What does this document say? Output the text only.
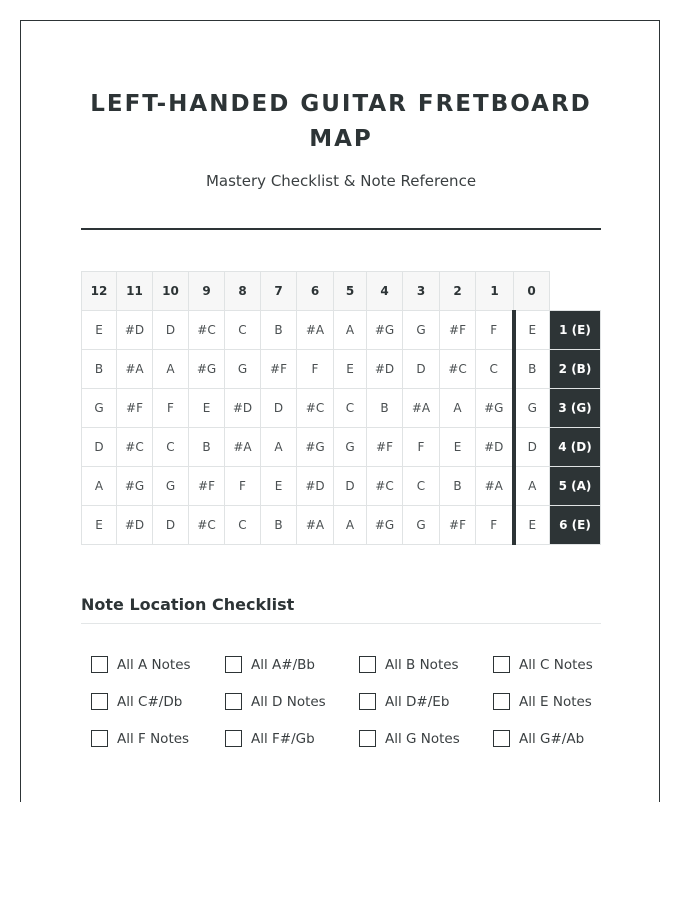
LEFT-HANDED GUITAR FRETBOARD MAP

Mastery Checklist & Note Reference

12	11	10	9	8	7	6	5	4	3	2	1	0	
E	#D	D	#C	C	B	#A	A	#G	G	#F	F	E	1 (E)
B	#A	A	#G	G	#F	F	E	#D	D	#C	C	B	2 (B)
G	#F	F	E	#D	D	#C	C	B	#A	A	#G	G	3 (G)
D	#C	C	B	#A	A	#G	G	#F	F	E	#D	D	4 (D)
A	#G	G	#F	F	E	#D	D	#C	C	B	#A	A	5 (A)
E	#D	D	#C	C	B	#A	A	#G	G	#F	F	E	6 (E)
Note Location Checklist
All A Notes	All A#/Bb	All B Notes	All C Notes
All C#/Db	All D Notes	All D#/Eb	All E Notes
All F Notes	All F#/Gb	All G Notes	All G#/Ab
